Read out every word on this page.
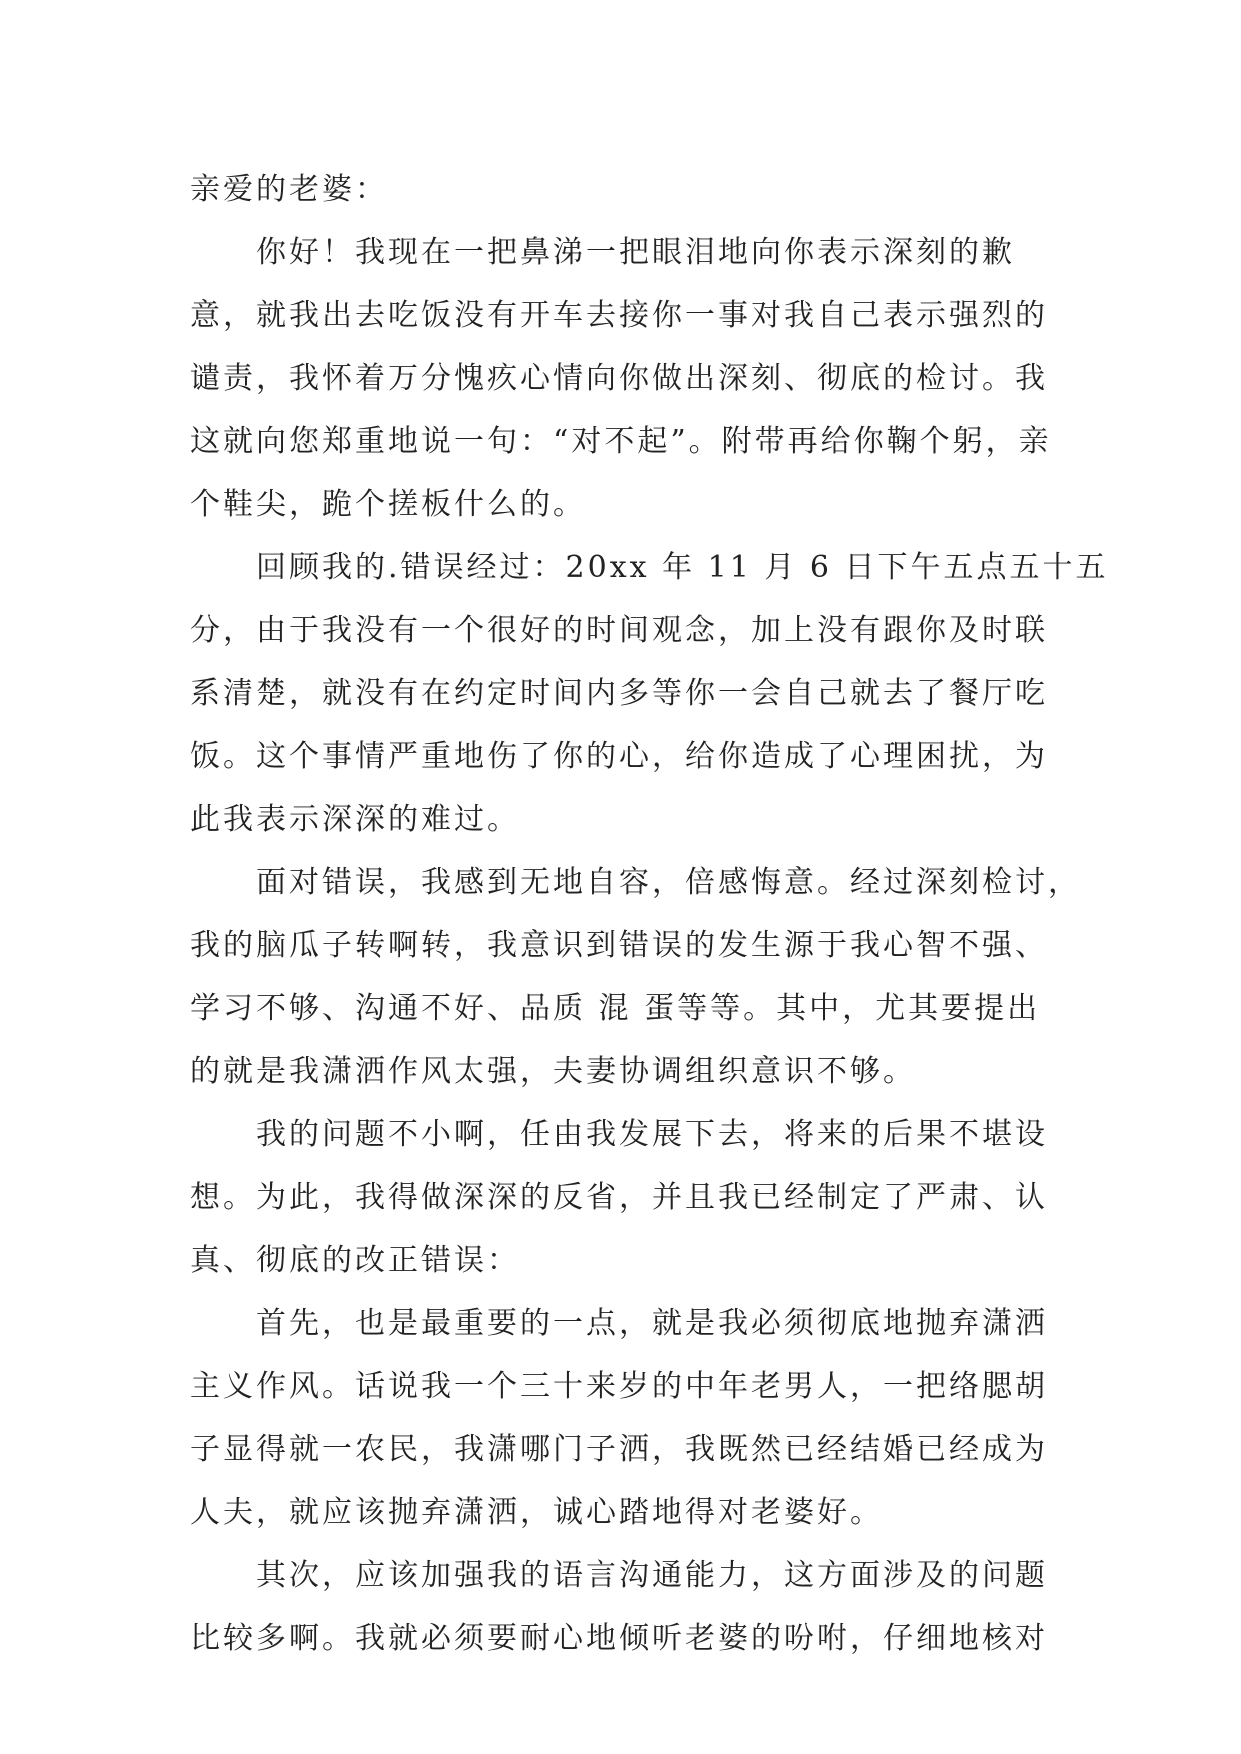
亲爱的老婆：
你好！我现在一把鼻涕一把眼泪地向你表示深刻的歉
意，就我出去吃饭没有开车去接你一事对我自己表示强烈的
谴责，我怀着万分愧疚心情向你做出深刻、彻底的检讨。我
这就向您郑重地说一句：“对不起”。附带再给你鞠个躬，亲
个鞋尖，跪个搓板什么的。
回顾我的.错误经过：20xx 年 11 月 6 日下午五点五十五
分，由于我没有一个很好的时间观念，加上没有跟你及时联
系清楚，就没有在约定时间内多等你一会自己就去了餐厅吃
饭。这个事情严重地伤了你的心，给你造成了心理困扰，为
此我表示深深的难过。
面对错误，我感到无地自容，倍感悔意。经过深刻检讨，
我的脑瓜子转啊转，我意识到错误的发生源于我心智不强、
学习不够、沟通不好、品质 混 蛋等等。其中，尤其要提出
的就是我潇洒作风太强，夫妻协调组织意识不够。
我的问题不小啊，任由我发展下去，将来的后果不堪设
想。为此，我得做深深的反省，并且我已经制定了严肃、认
真、彻底的改正错误：
首先，也是最重要的一点，就是我必须彻底地抛弃潇洒
主义作风。话说我一个三十来岁的中年老男人，一把络腮胡
子显得就一农民，我潇哪门子洒，我既然已经结婚已经成为
人夫，就应该抛弃潇洒，诚心踏地得对老婆好。
其次，应该加强我的语言沟通能力，这方面涉及的问题
比较多啊。我就必须要耐心地倾听老婆的吩咐，仔细地核对
